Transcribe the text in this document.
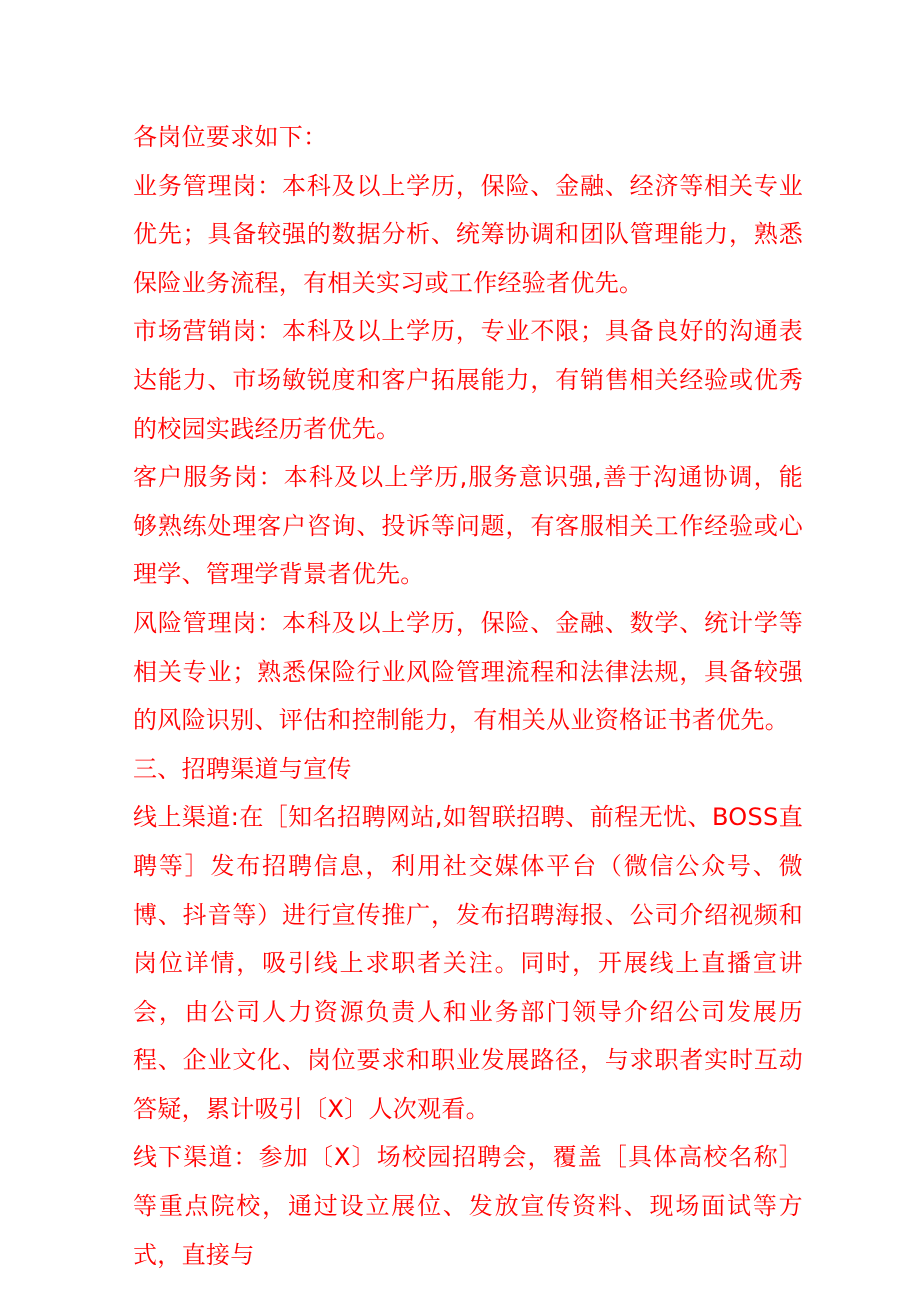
各岗位要求如下：

业务管理岗：本科及以上学历，保险、金融、经济等相关专业优先；具备较强的数据分析、统筹协调和团队管理能力，熟悉保险业务流程，有相关实习或工作经验者优先。

市场营销岗：本科及以上学历，专业不限；具备良好的沟通表达能力、市场敏锐度和客户拓展能力，有销售相关经验或优秀的校园实践经历者优先。

客户服务岗：本科及以上学历,服务意识强,善于沟通协调，能够熟练处理客户咨询、投诉等问题，有客服相关工作经验或心理学、管理学背景者优先。

风险管理岗：本科及以上学历，保险、金融、数学、统计学等相关专业；熟悉保险行业风险管理流程和法律法规，具备较强的风险识别、评估和控制能力，有相关从业资格证书者优先。

三、招聘渠道与宣传

线上渠道:在［知名招聘网站,如智联招聘、前程无忧、BOSS直聘等］发布招聘信息，利用社交媒体平台（微信公众号、微博、抖音等）进行宣传推广，发布招聘海报、公司介绍视频和岗位详情，吸引线上求职者关注。同时，开展线上直播宣讲会，由公司人力资源负责人和业务部门领导介绍公司发展历程、企业文化、岗位要求和职业发展路径，与求职者实时互动答疑，累计吸引〔X〕人次观看。

线下渠道：参加〔X〕场校园招聘会，覆盖［具体高校名称］等重点院校，通过设立展位、发放宣传资料、现场面试等方式，直接与
